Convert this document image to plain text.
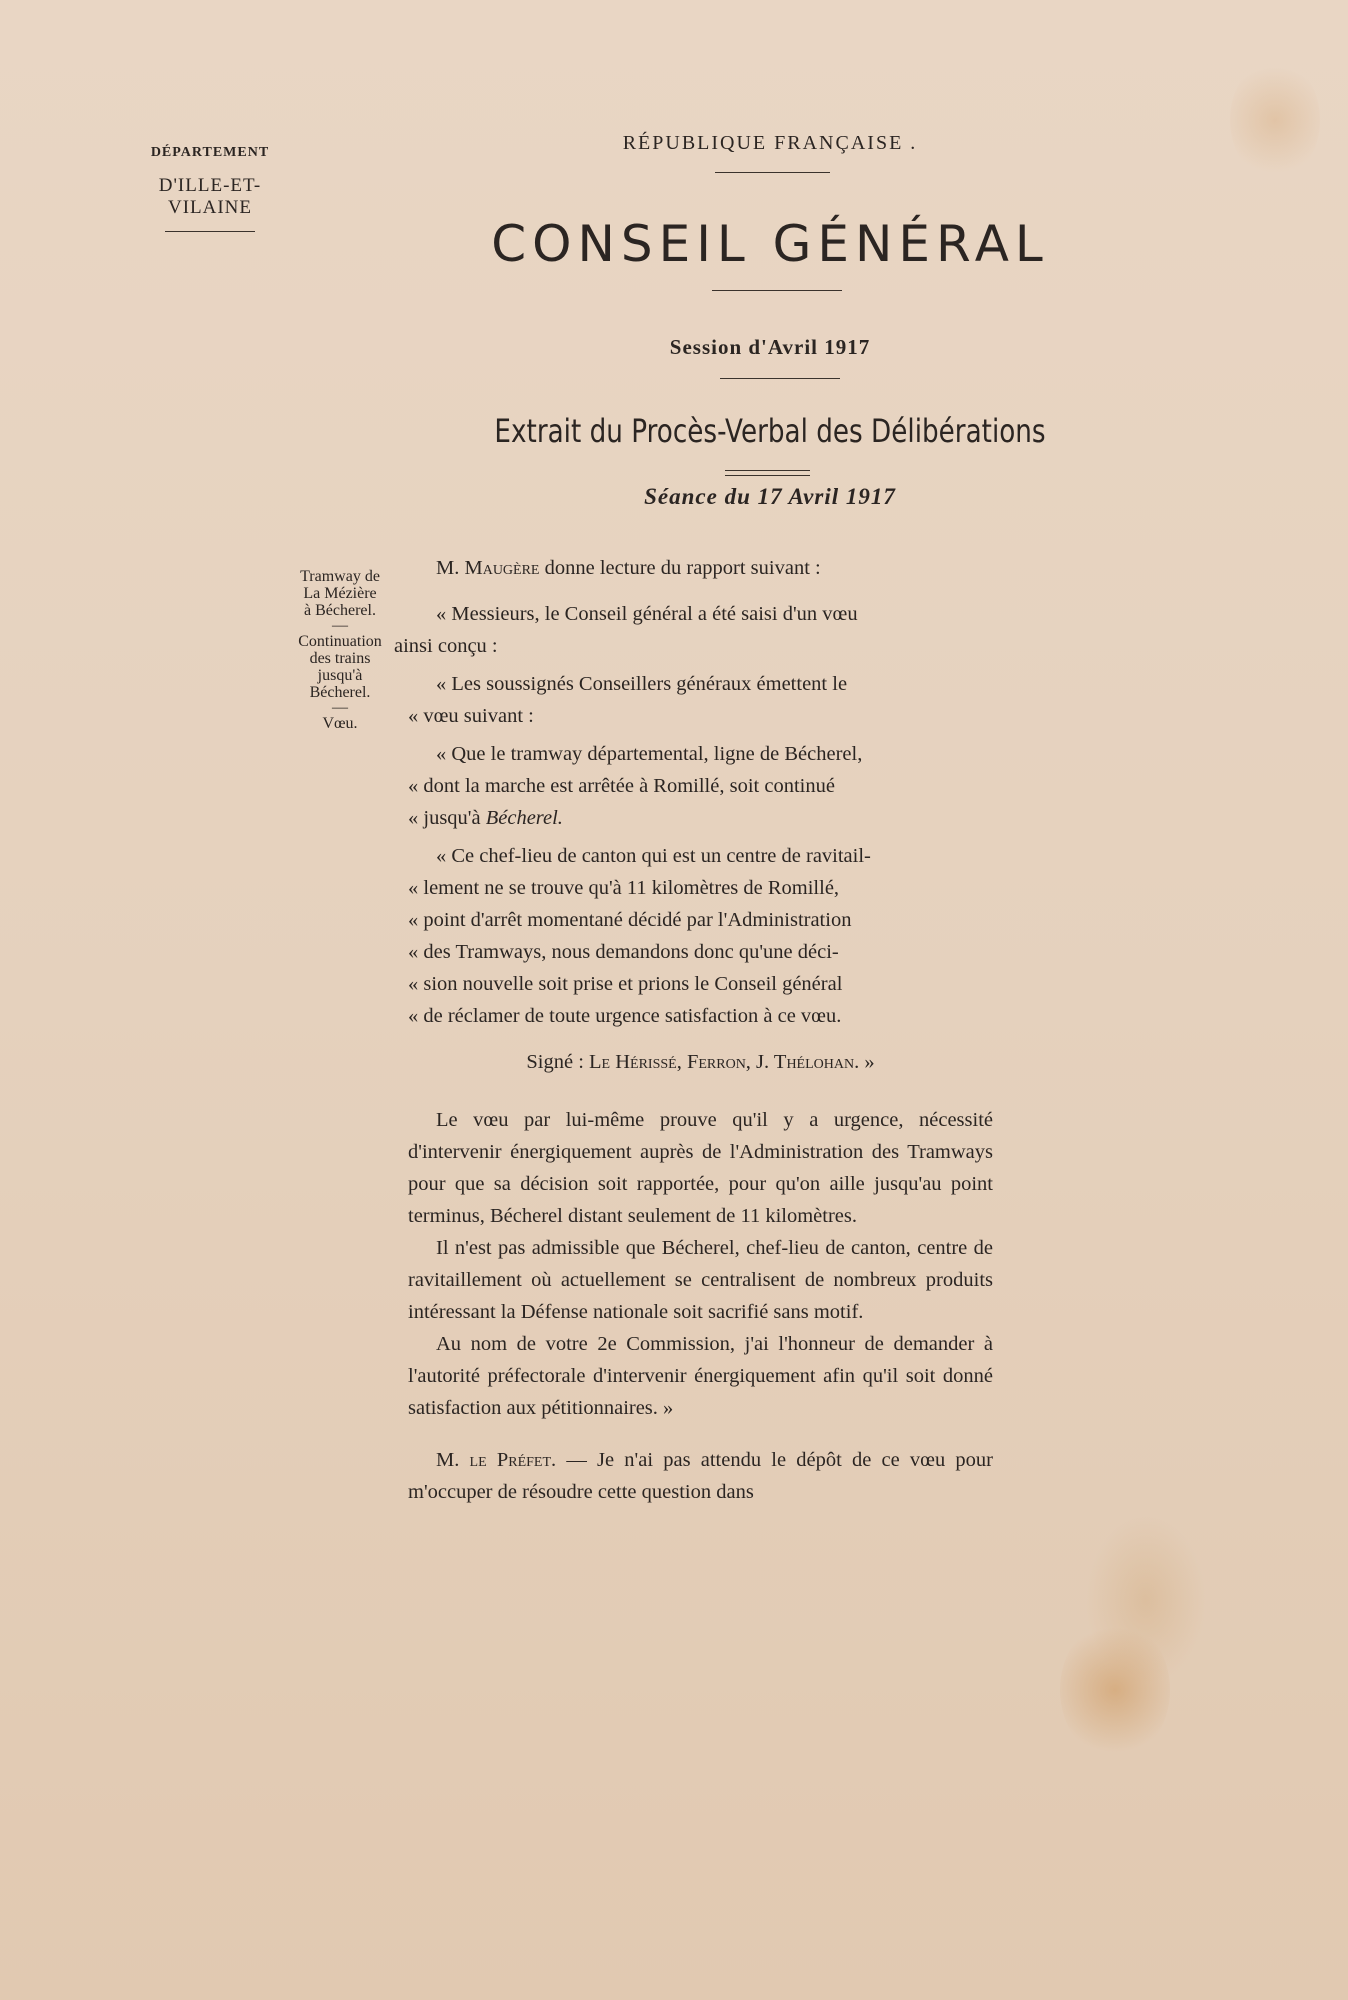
DÉPARTEMENT
D'ILLE-ET-VILAINE
RÉPUBLIQUE FRANÇAISE .
CONSEIL GÉNÉRAL
Session d'Avril 1917
Extrait du Procès-Verbal des Délibérations
Séance du 17 Avril 1917
Tramway de
La Mézière
à Bécherel.
—
Continuation
des trains
jusqu'à
Bécherel.
—
Vœu.

M. Maugère donne lecture du rapport suivant :

« Messieurs, le Conseil général a été saisi d'un vœu

ainsi conçu :

« Les soussignés Conseillers généraux émettent le

« vœu suivant :

« Que le tramway départemental, ligne de Bécherel,

« dont la marche est arrêtée à Romillé, soit continué

« jusqu'à Bécherel.

« Ce chef-lieu de canton qui est un centre de ravitail-

« lement ne se trouve qu'à 11 kilomètres de Romillé,

« point d'arrêt momentané décidé par l'Administration

« des Tramways, nous demandons donc qu'une déci-

« sion nouvelle soit prise et prions le Conseil général

« de réclamer de toute urgence satisfaction à ce vœu.

Signé : Le Hérissé, Ferron, J. Thélohan. »

Le vœu par lui-même prouve qu'il y a urgence, nécessité d'intervenir énergiquement auprès de l'Administration des Tramways pour que sa décision soit rapportée, pour qu'on aille jusqu'au point terminus, Bécherel distant seulement de 11 kilomètres.

Il n'est pas admissible que Bécherel, chef-lieu de canton, centre de ravitaillement où actuellement se centralisent de nombreux produits intéressant la Défense nationale soit sacrifié sans motif.

Au nom de votre 2e Commission, j'ai l'honneur de demander à l'autorité préfectorale d'intervenir énergiquement afin qu'il soit donné satisfaction aux pétitionnaires. »

M. le Préfet. — Je n'ai pas attendu le dépôt de ce vœu pour m'occuper de résoudre cette question dans
